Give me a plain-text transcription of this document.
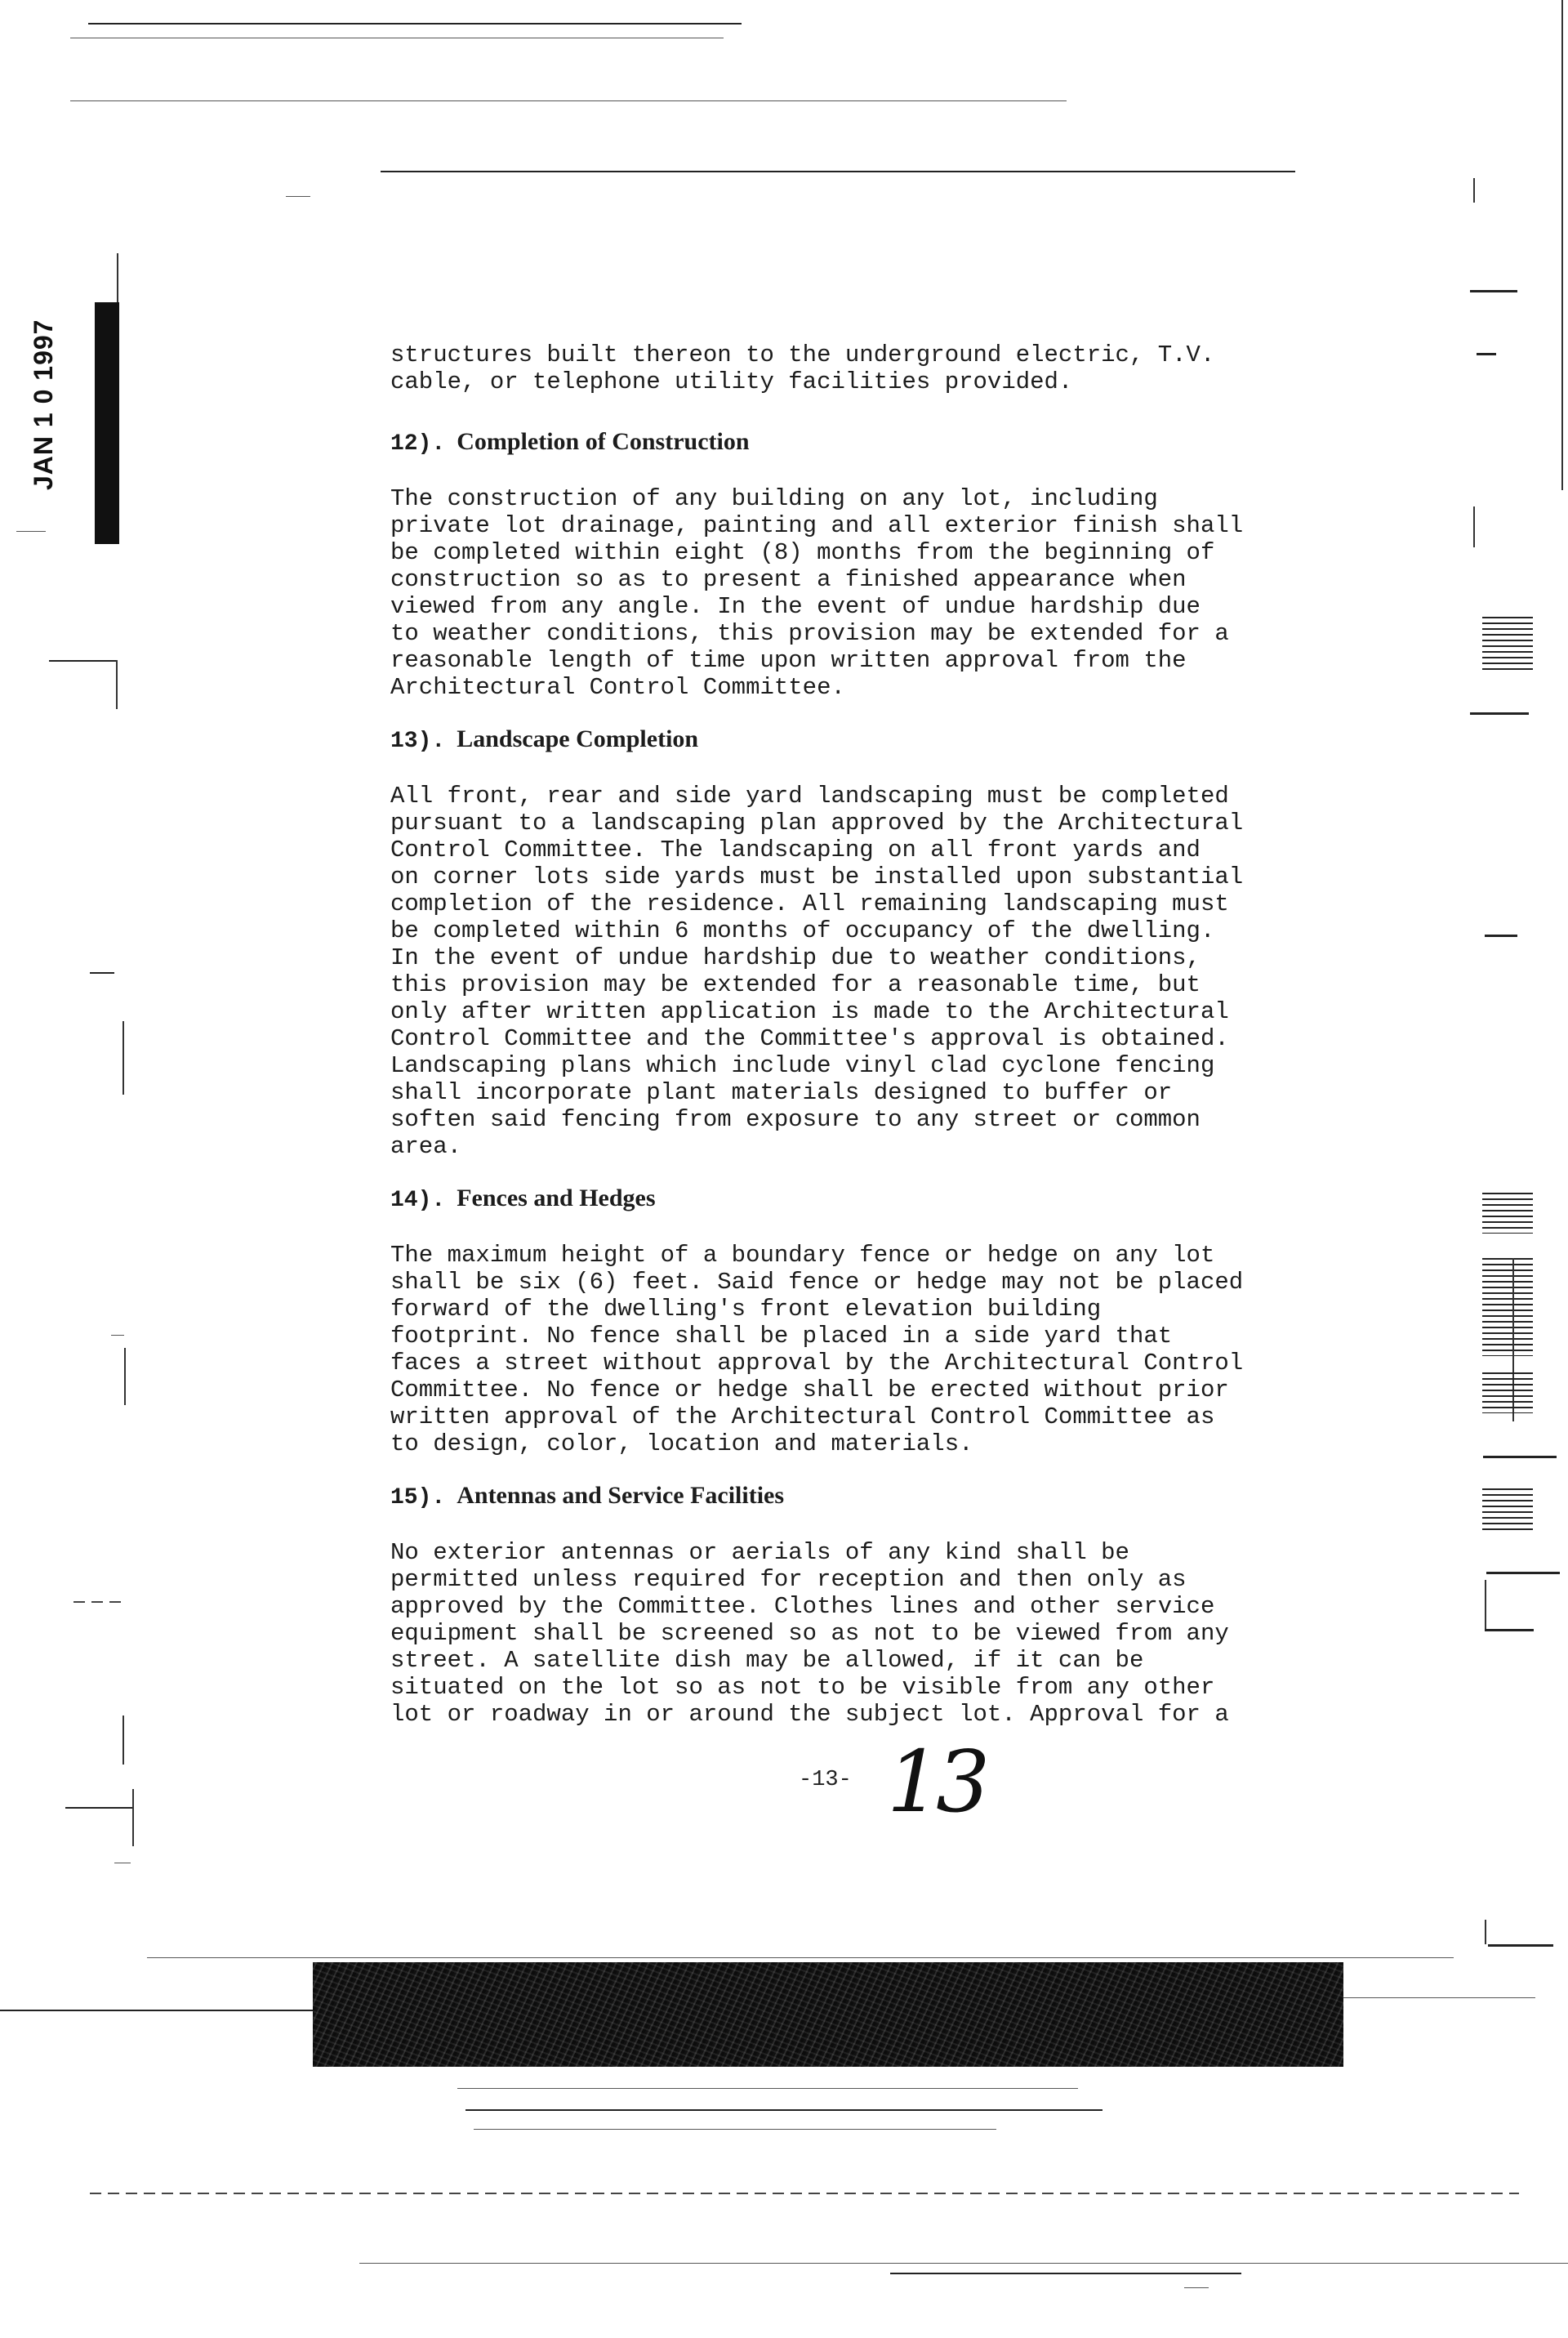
JAN 1 0 1997	structures built thereon to the underground electric, T.V.
cable, or telephone utility facilities provided.

12). Completion of Construction

The construction of any building on any lot, including
private lot drainage, painting and all exterior finish shall
be completed within eight (8) months from the beginning of
construction so as to present a finished appearance when
viewed from any angle. In the event of undue hardship due
to weather conditions, this provision may be extended for a
reasonable length of time upon written approval from the
Architectural Control Committee.

13). Landscape Completion

All front, rear and side yard landscaping must be completed
pursuant to a landscaping plan approved by the Architectural
Control Committee. The landscaping on all front yards and
on corner lots side yards must be installed upon substantial
completion of the residence. All remaining landscaping must
be completed within 6 months of occupancy of the dwelling.
In the event of undue hardship due to weather conditions,
this provision may be extended for a reasonable time, but
only after written application is made to the Architectural
Control Committee and the Committee's approval is obtained.
Landscaping plans which include vinyl clad cyclone fencing
shall incorporate plant materials designed to buffer or
soften said fencing from exposure to any street or common
area.

14). Fences and Hedges

The maximum height of a boundary fence or hedge on any lot
shall be six (6) feet. Said fence or hedge may not be placed
forward of the dwelling's front elevation building
footprint. No fence shall be placed in a side yard that
faces a street without approval by the Architectural Control
Committee. No fence or hedge shall be erected without prior
written approval of the Architectural Control Committee as
to design, color, location and materials.

15). Antennas and Service Facilities

No exterior antennas or aerials of any kind shall be
permitted unless required for reception and then only as
approved by the Committee. Clothes lines and other service
equipment shall be screened so as not to be viewed from any
street. A satellite dish may be allowed, if it can be
situated on the lot so as not to be visible from any other
lot or roadway in or around the subject lot. Approval for a

-13- 13
